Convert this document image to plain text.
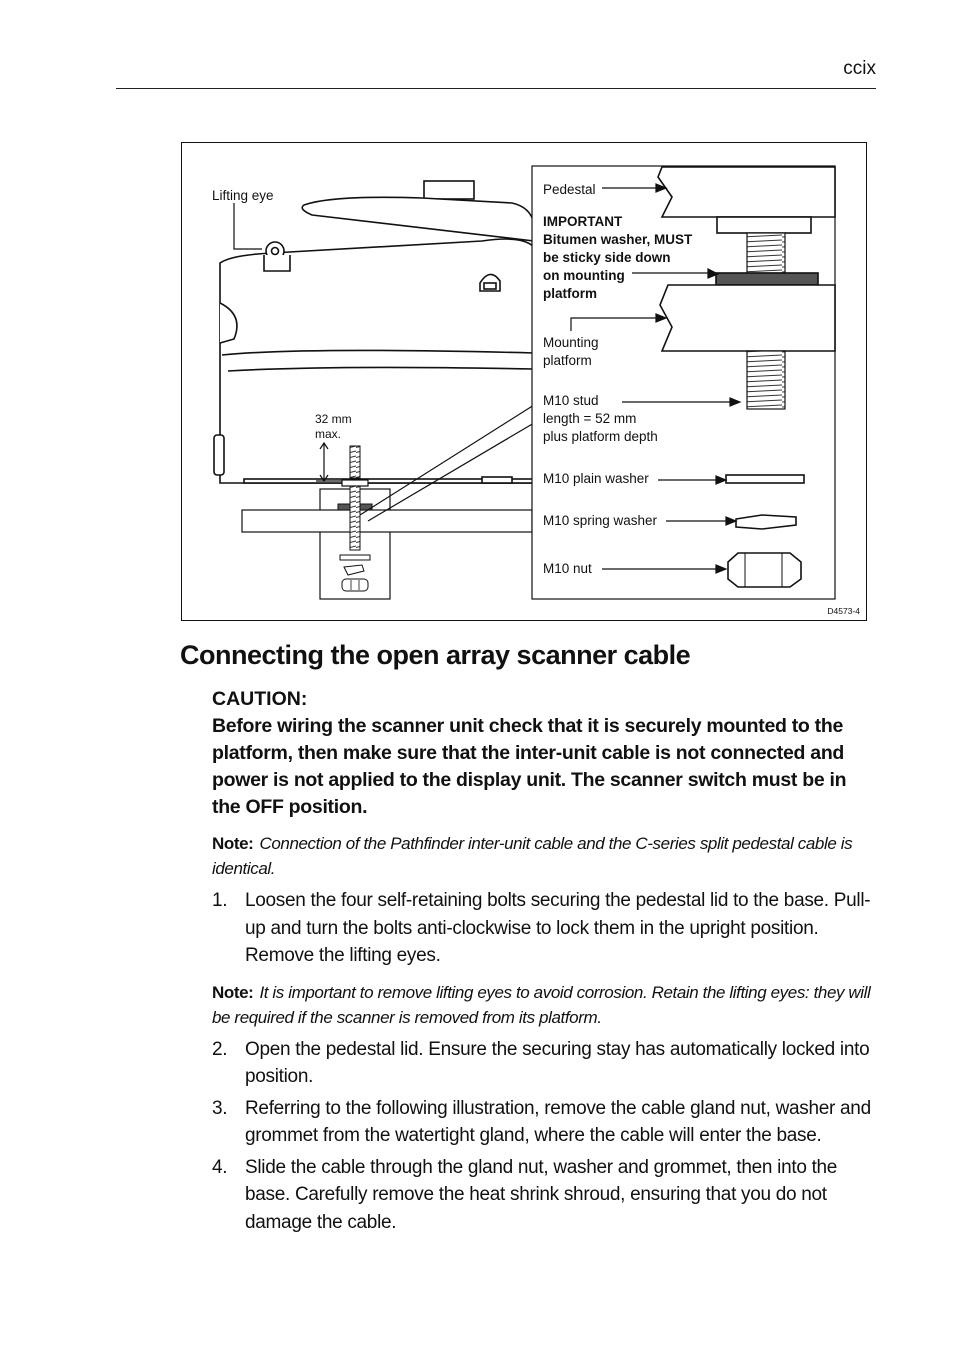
ccix
Lifting eye	Pedestal
IMPORTANT
Bitumen washer, MUST
be sticky side down
on mounting
platform
Mounting
platform
M10 stud
length = 52 mm
plus platform depth
32 mm
max.
M10 plain washer
M10 spring washer
M10 nut
D4573-4
Connecting the open array scanner cable

CAUTION:

Before wiring the scanner unit check that it is securely mounted to the platform, then make sure that the inter-unit cable is not connected and power is not applied to the display unit. The scanner switch must be in the OFF position.

Note: Connection of the Pathfinder inter-unit cable and the C-series split pedestal cable is identical.

1. Loosen the four self-retaining bolts securing the pedestal lid to the base. Pull-up and turn the bolts anti-clockwise to lock them in the upright position. Remove the lifting eyes.

Note: It is important to remove lifting eyes to avoid corrosion. Retain the lifting eyes: they will be required if the scanner is removed from its platform.

2. Open the pedestal lid. Ensure the securing stay has automatically locked into position.
3. Referring to the following illustration, remove the cable gland nut, washer and grommet from the watertight gland, where the cable will enter the base.
4. Slide the cable through the gland nut, washer and grommet, then into the base. Carefully remove the heat shrink shroud, ensuring that you do not damage the cable.
